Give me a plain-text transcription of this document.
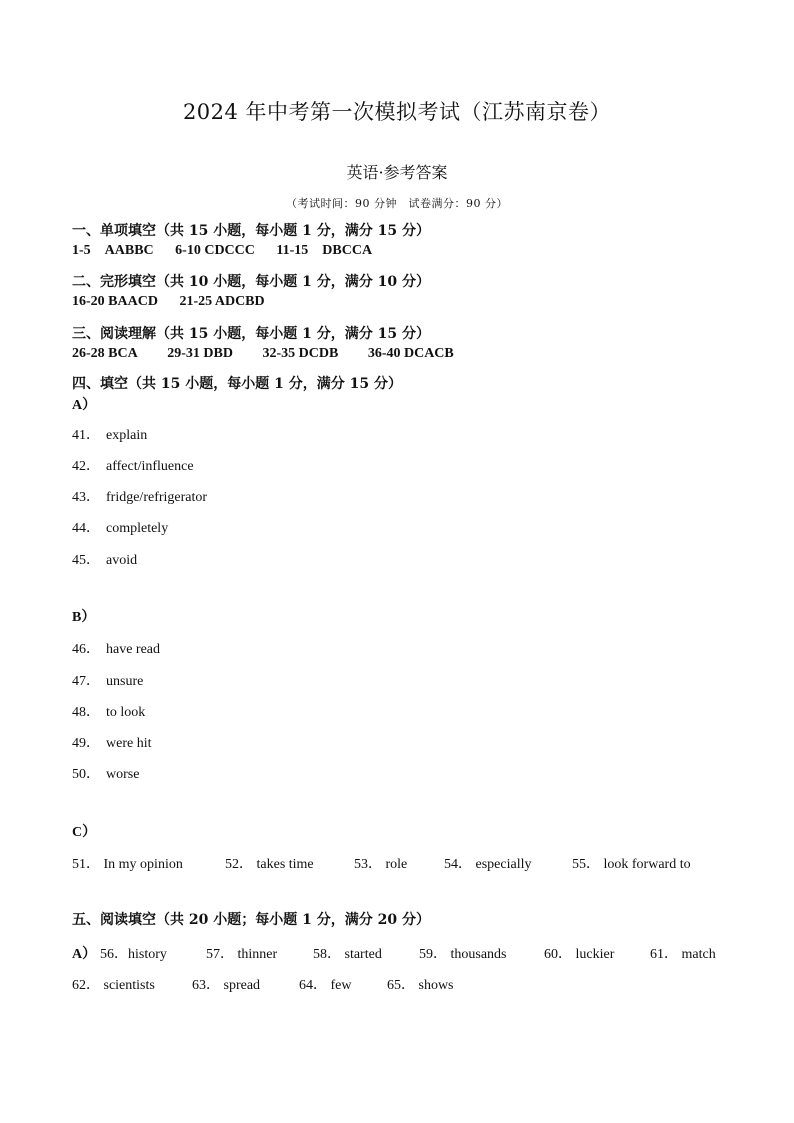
2024 年中考第一次模拟考试（江苏南京卷）
英语·参考答案
（考试时间：90 分钟　试卷满分：90 分）
一、单项填空（共 15 小题，每小题 1 分，满分 15 分）
1-5　AABBC 6-10 CDCCC 11-15　DBCCA
二、完形填空（共 10 小题，每小题 1 分，满分 10 分）
16-20 BAACD 21-25 ADCBD
三、阅读理解（共 15 小题，每小题 1 分，满分 15 分）
26-28 BCA 29-31 DBD 32-35 DCDB 36-40 DCACB
四、填空（共 15 小题，每小题 1 分，满分 15 分）
A）
41． explain
42． affect/influence
43． fridge/refrigerator
44． completely
45． avoid
B）
46． have read
47． unsure
48． to look
49． were hit
50． worse
C）
51． In my opinion	52． takes time	53． role	54． especially	55． look forward to
五、阅读填空（共 20 小题；每小题 1 分，满分 20 分）
A） 56．history	57． thinner	58． started	59． thousands	60． luckier	61． match
62． scientists	63． spread	64． few	65． shows
